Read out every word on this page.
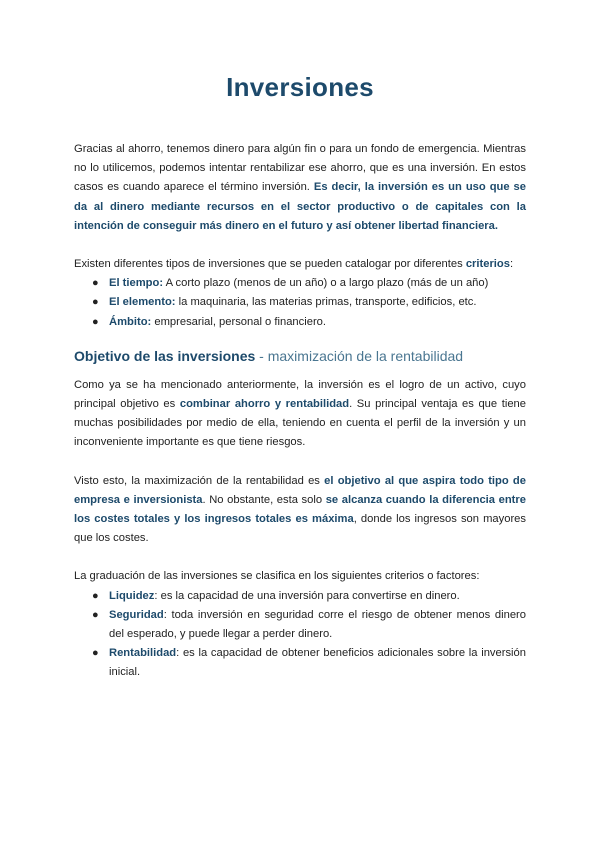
Inversiones

Gracias al ahorro, tenemos dinero para algún fin o para un fondo de emergencia. Mientras no lo utilicemos, podemos intentar rentabilizar ese ahorro, que es una inversión. En estos casos es cuando aparece el término inversión. Es decir, la inversión es un uso que se da al dinero mediante recursos en el sector productivo o de capitales con la intención de conseguir más dinero en el futuro y así obtener libertad financiera.

Existen diferentes tipos de inversiones que se pueden catalogar por diferentes criterios:

● El tiempo: A corto plazo (menos de un año) o a largo plazo (más de un año)
● El elemento: la maquinaria, las materias primas, transporte, edificios, etc.
● Ámbito: empresarial, personal o financiero.
Objetivo de las inversiones - maximización de la rentabilidad

Como ya se ha mencionado anteriormente, la inversión es el logro de un activo, cuyo principal objetivo es combinar ahorro y rentabilidad. Su principal ventaja es que tiene muchas posibilidades por medio de ella, teniendo en cuenta el perfil de la inversión y un inconveniente importante es que tiene riesgos.

Visto esto, la maximización de la rentabilidad es el objetivo al que aspira todo tipo de empresa e inversionista. No obstante, esta solo se alcanza cuando la diferencia entre los costes totales y los ingresos totales es máxima, donde los ingresos son mayores que los costes.

La graduación de las inversiones se clasifica en los siguientes criterios o factores:

● Liquidez: es la capacidad de una inversión para convertirse en dinero.
● Seguridad: toda inversión en seguridad corre el riesgo de obtener menos dinero del esperado, y puede llegar a perder dinero.
● Rentabilidad: es la capacidad de obtener beneficios adicionales sobre la inversión inicial.
